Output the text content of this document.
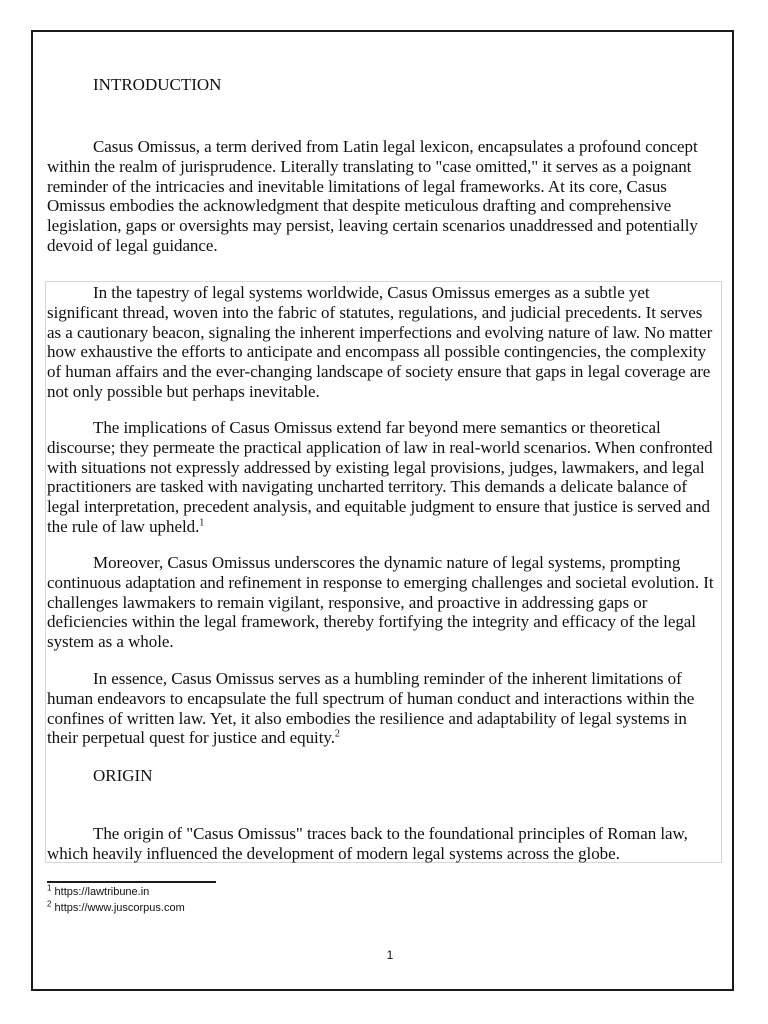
INTRODUCTION

Casus Omissus, a term derived from Latin legal lexicon, encapsulates a profound concept within the realm of jurisprudence. Literally translating to "case omitted," it serves as a poignant reminder of the intricacies and inevitable limitations of legal frameworks. At its core, Casus Omissus embodies the acknowledgment that despite meticulous drafting and comprehensive legislation, gaps or oversights may persist, leaving certain scenarios unaddressed and potentially devoid of legal guidance.

In the tapestry of legal systems worldwide, Casus Omissus emerges as a subtle yet significant thread, woven into the fabric of statutes, regulations, and judicial precedents. It serves as a cautionary beacon, signaling the inherent imperfections and evolving nature of law. No matter how exhaustive the efforts to anticipate and encompass all possible contingencies, the complexity of human affairs and the ever-changing landscape of society ensure that gaps in legal coverage are not only possible but perhaps inevitable.

The implications of Casus Omissus extend far beyond mere semantics or theoretical discourse; they permeate the practical application of law in real-world scenarios. When confronted with situations not expressly addressed by existing legal provisions, judges, lawmakers, and legal practitioners are tasked with navigating uncharted territory. This demands a delicate balance of legal interpretation, precedent analysis, and equitable judgment to ensure that justice is served and the rule of law upheld.$^1$

Moreover, Casus Omissus underscores the dynamic nature of legal systems, prompting continuous adaptation and refinement in response to emerging challenges and societal evolution. It challenges lawmakers to remain vigilant, responsive, and proactive in addressing gaps or deficiencies within the legal framework, thereby fortifying the integrity and efficacy of the legal system as a whole.

In essence, Casus Omissus serves as a humbling reminder of the inherent limitations of human endeavors to encapsulate the full spectrum of human conduct and interactions within the confines of written law. Yet, it also embodies the resilience and adaptability of legal systems in their perpetual quest for justice and equity.$^2$

ORIGIN

The origin of "Casus Omissus" traces back to the foundational principles of Roman law, which heavily influenced the development of modern legal systems across the globe.

$^1$ https://lawtribune.in
$^2$ https://www.juscorpus.com
1
